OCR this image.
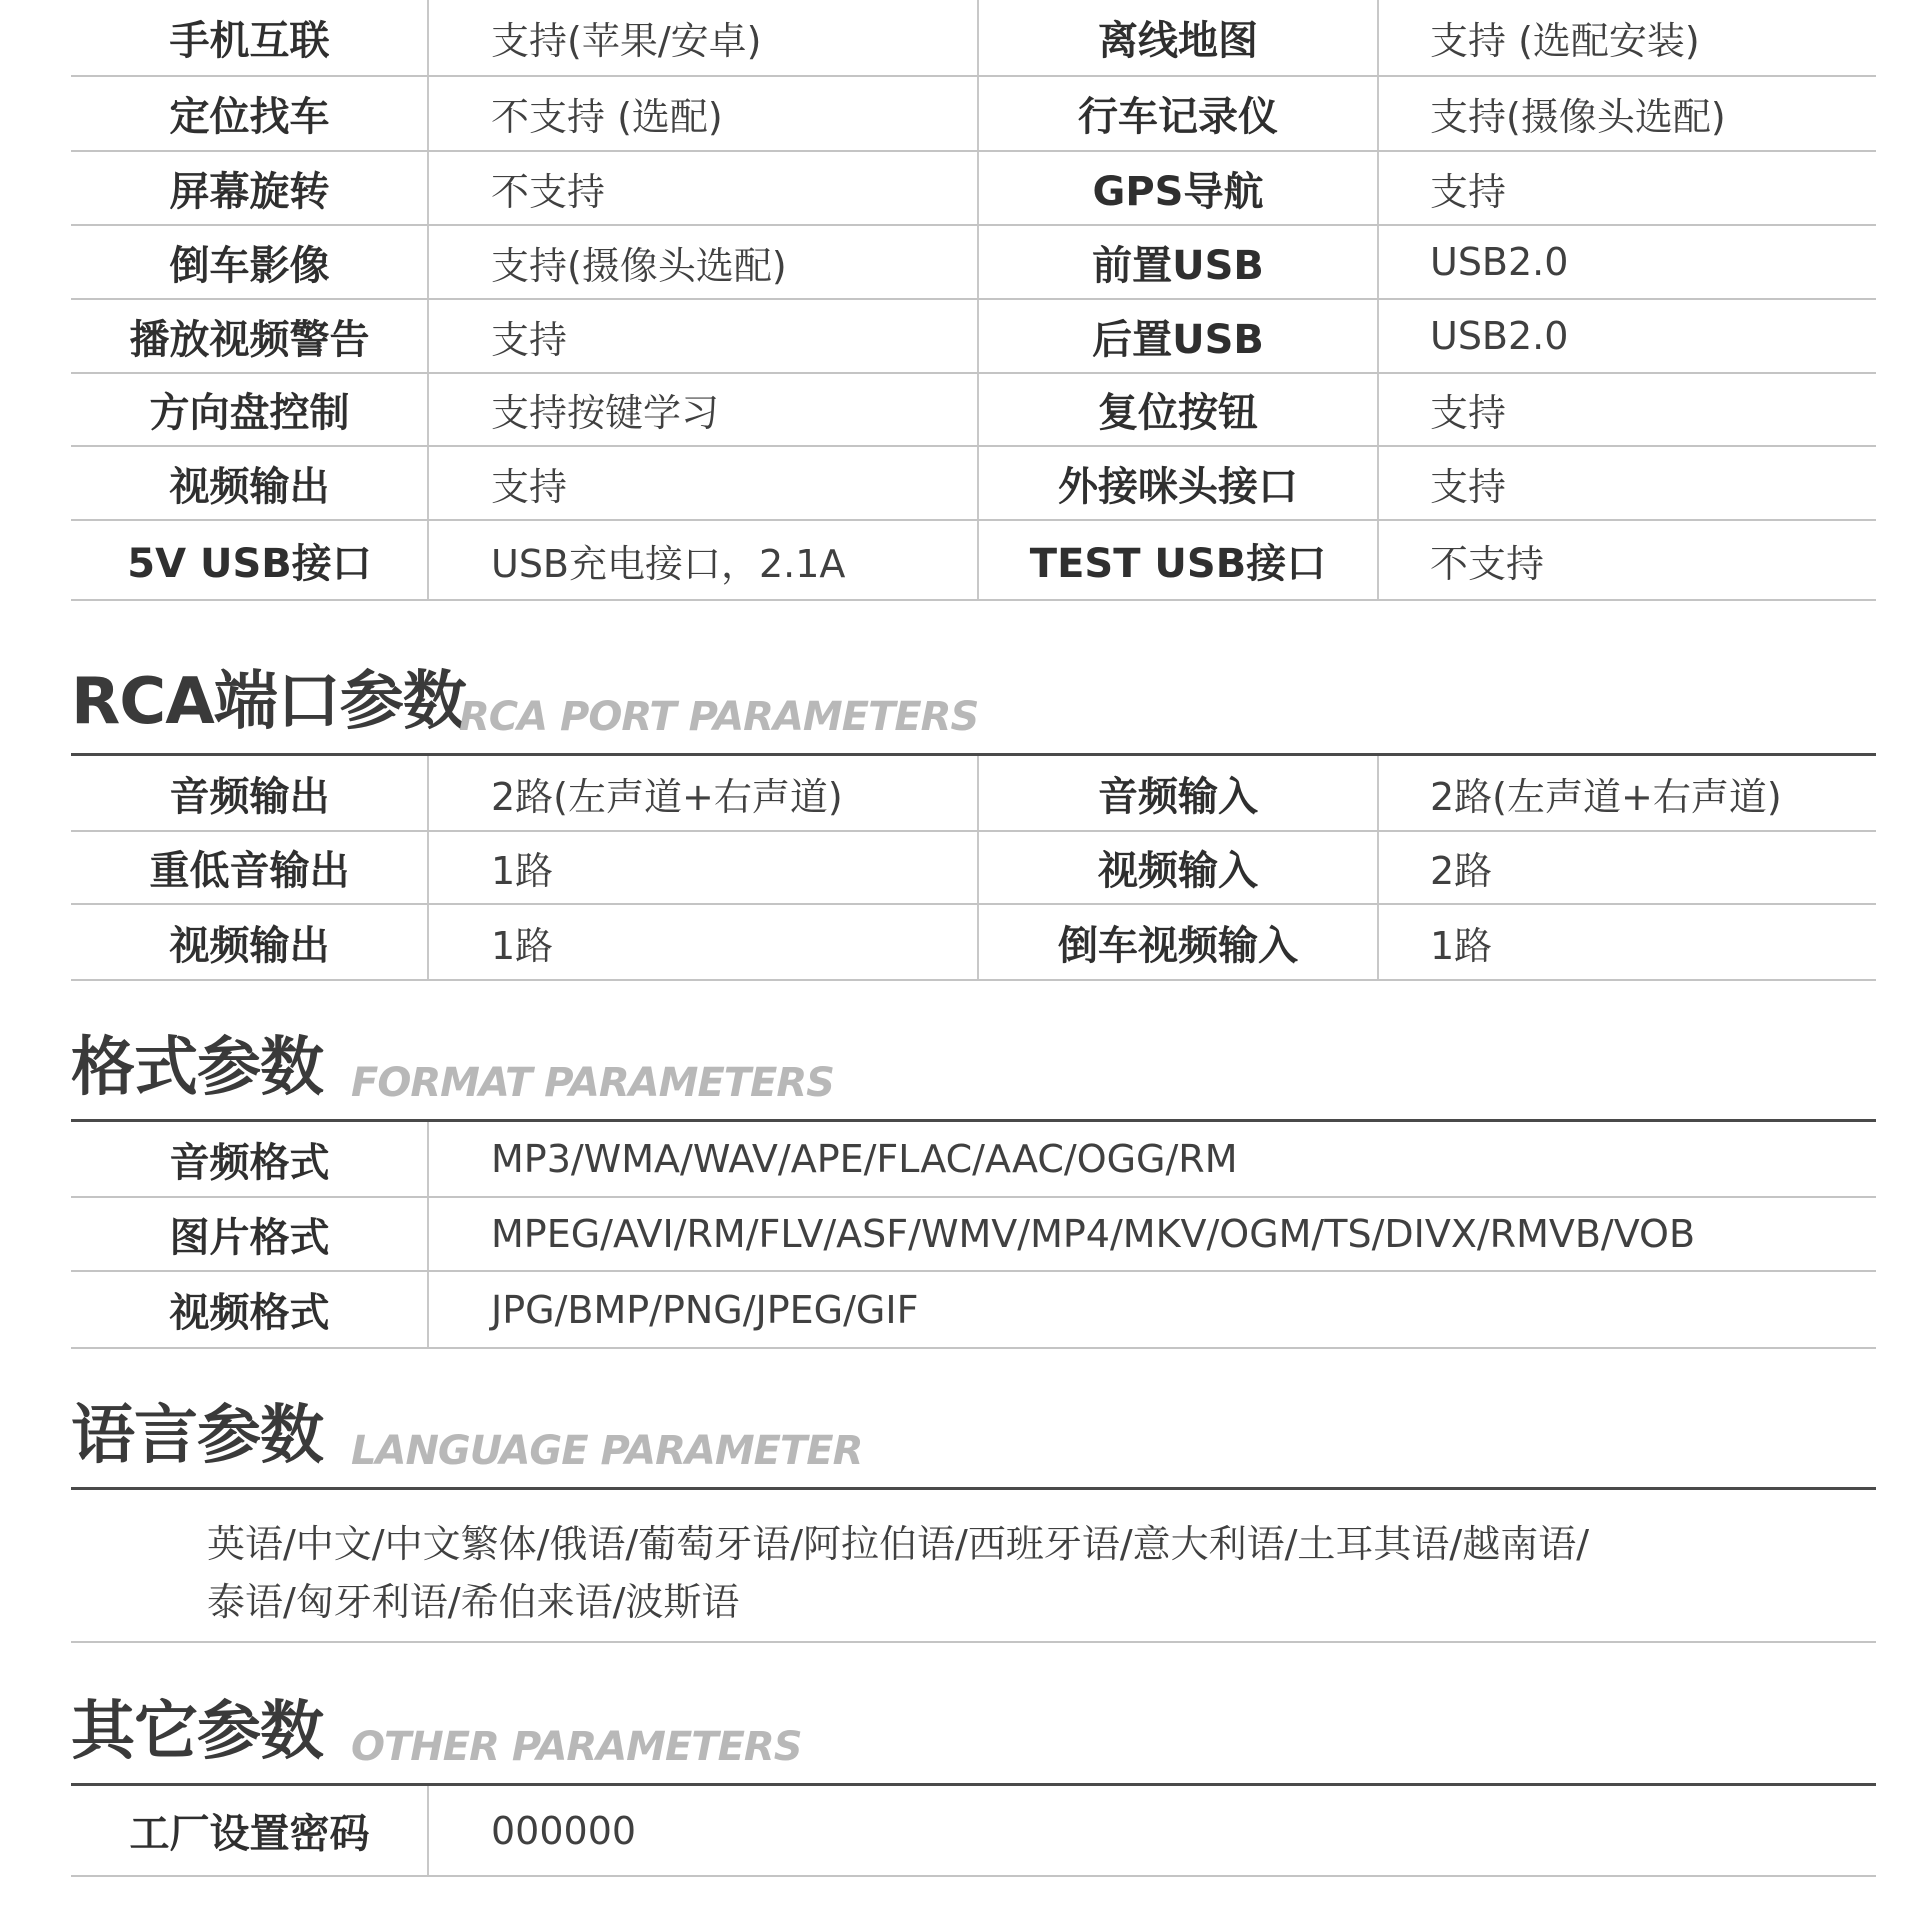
手机互联	支持(苹果/安卓)	离线地图	支持 (选配安装)
定位找车	不支持 (选配)	行车记录仪	支持(摄像头选配)
屏幕旋转	不支持	GPS导航	支持
倒车影像	支持(摄像头选配)	前置USB	USB2.0
播放视频警告	支持	后置USB	USB2.0
方向盘控制	支持按键学习	复位按钮	支持
视频输出	支持	外接咪头接口	支持
5V USB接口	USB充电接口，2.1A	TEST USB接口	不支持
RCA端口参数
RCA PORT PARAMETERS
音频输出	2路(左声道+右声道)	音频输入	2路(左声道+右声道)
重低音输出	1路	视频输入	2路
视频输出	1路	倒车视频输入	1路
格式参数 FORMAT PARAMETERS
音频格式	MP3/WMA/WAV/APE/FLAC/AAC/OGG/RM
图片格式	MPEG/AVI/RM/FLV/ASF/WMV/MP4/MKV/OGM/TS/DIVX/RMVB/VOB
视频格式	JPG/BMP/PNG/JPEG/GIF
语言参数 LANGUAGE PARAMETER
英语/中文/中文繁体/俄语/葡萄牙语/阿拉伯语/西班牙语/意大利语/土耳其语/越南语/
泰语/匈牙利语/希伯来语/波斯语
其它参数 OTHER PARAMETERS
工厂设置密码	000000
